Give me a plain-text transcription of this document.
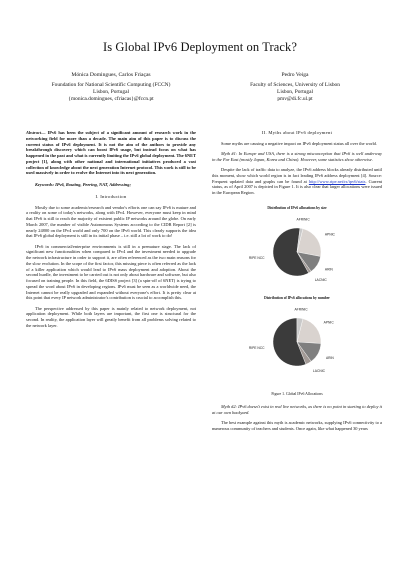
Is Global IPv6 Deployment on Track?
Mónica Domingues, Carlos Friaças
Foundation for National Scientific Computing (FCCN)
Lisbon, Portugal
{monica.domingues, cfriacas}@fccn.pt
Pedro Veiga
Faculty of Sciences, University of Lisbon
Lisbon, Portugal
pmv@di.fc.ul.pt

Abstract— IPv6 has been the subject of a significant amount of research work in the networking field for more than a decade. The main aim of this paper is to discuss the current status of IPv6 deployment. It is not the aim of the authors to provide any breakthrough discovery which can boost IPv6 usage, but instead focus on what has happened in the past and what is currently limiting the IPv6 global deployment. The 6NET project [1], along with other national and international initiatives produced a vast collection of knowledge about the next generation Internet protocol. This work is still to be used massively in order to evolve the Internet into its next generation.

Keywords: IPv6, Routing, Peering, NAT, Addressing;
I. Introduction

Mostly due to some academic/research and vendor's efforts one can say IPv6 is mature and a reality on some of today's networks, along with IPv4. However, everyone must keep in mind that IPv6 is still to reach the majority of existent public IP networks around the globe. On early March 2007, the number of visible Autonomous Systems according to the CIDR Report [2] is nearly 24800 on the IPv4 world and only 700 on the IPv6 world. This clearly supports the idea that IPv6 global deployment is still in its initial phase – i.e. still a lot of work to do!

IPv6 in commercial/enterprise environments is still in a premature stage. The lack of significant new functionalities when compared to IPv4 and the investment needed to upgrade the network infrastructure in order to support it, are often referenced as the two main reasons for the slow evolution. In the scope of the first factor, this missing piece is often referred as the lack of a killer application which would lead to IPv6 mass deployment and adoption. About the second hurdle, the investment to be carried out is not only about hardware and software, but also focused on training people. In this field, the 6DISS project [3] (a spin-off of 6NET) is trying to spread the word about IPv6 in developing regions. IPv6 must be seen as a worldwide need, the Internet cannot be really upgraded and expanded without everyone's effort. It is pretty clear at this point that every IP network administrator's contribution is crucial to accomplish this.

The perspective addressed by this paper is mainly related to network deployment, not application deployment. While both layers are important, the first one is structural for the second. In reality, the application layer will greatly benefit from all problems solving related to the network layer.

II. Myths about IPv6 deployment

Some myths are causing a negative impact on IPv6 deployment status all over the world.

Myth #1: In Europe and USA, there is a strong misconception that IPv6 is well underway in the Far East (mostly Japan, Korea and China). However, some statistics show otherwise.

Despite the lack of traffic data to analyze, the IPv6 address blocks already distributed until this moment, show which world region is in fact leading IPv6 address deployment [4]. Source: Frequent updated data and graphs can be found at http://www.ripe.net/rs/ipv6/stats. Current status, as of April 2007 is depicted in Figure 1. It is also clear that larger allocations were issued in the European Region.

Distribution of IPv6 allocations by size
APNIC
ARIN
LACNIC
RIPE NCC
AFRINIC
Distribution of IPv6 allocations by number
APNIC
ARIN
LACNIC
RIPE NCC
AFRINIC
Figure 1. Global IPv6 Allocations

Myth #2: IPv6 doesn't exist in real live networks, as there is no point in starting to deploy it at our own backyard.

The best example against this myth is academic networks, supplying IPv6 connectivity to a numerous community of teachers and students. Once again, like what happened 30 years
